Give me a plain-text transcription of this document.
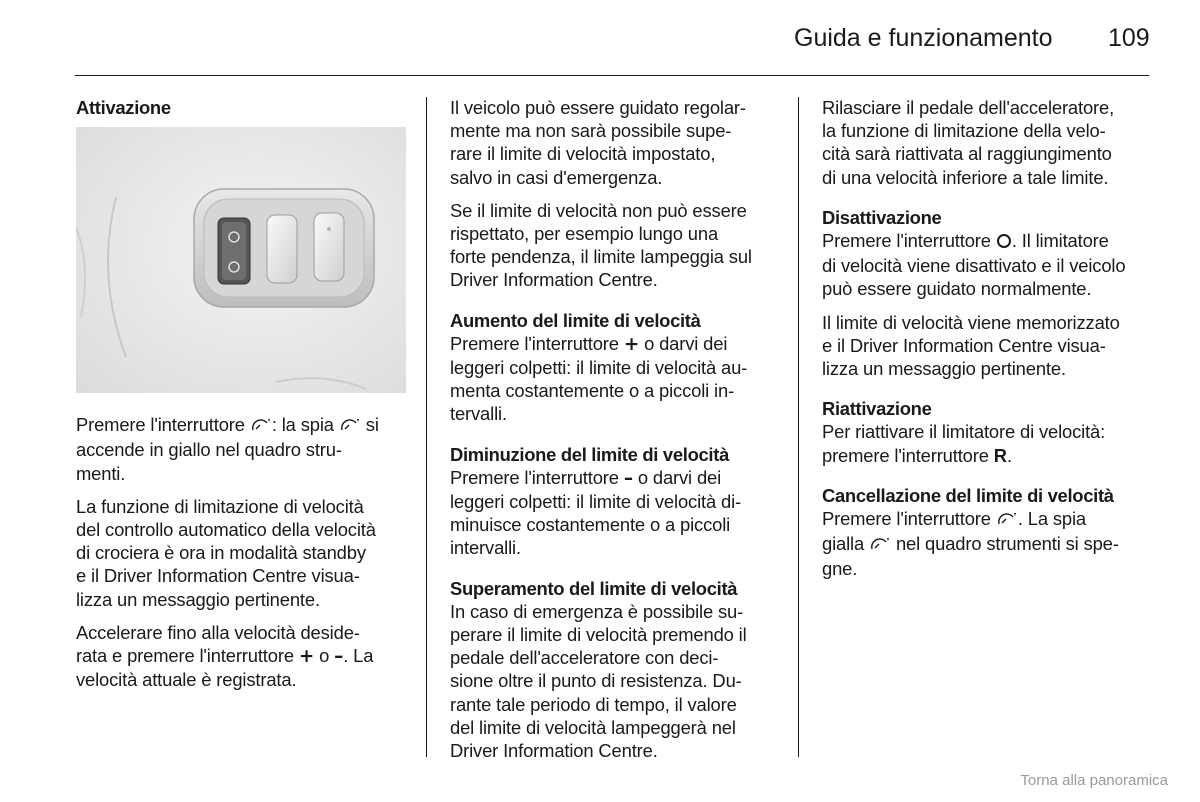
Guida e funzionamento 109
Attivazione

Premere l'interruttore : la spia si
accende in giallo nel quadro stru-
menti.

La funzione di limitazione di velocità
del controllo automatico della velocità
di crociera è ora in modalità standby
e il Driver Information Centre visua-
lizza un messaggio pertinente.

Accelerare fino alla velocità deside-
rata e premere l'interruttore + o –. La
velocità attuale è registrata.

Il veicolo può essere guidato regolar-
mente ma non sarà possibile supe-
rare il limite di velocità impostato,
salvo in casi d'emergenza.

Se il limite di velocità non può essere
rispettato, per esempio lungo una
forte pendenza, il limite lampeggia sul
Driver Information Centre.

Aumento del limite di velocità

Premere l'interruttore + o darvi dei
leggeri colpetti: il limite di velocità au-
menta costantemente o a piccoli in-
tervalli.

Diminuzione del limite di velocità

Premere l'interruttore – o darvi dei
leggeri colpetti: il limite di velocità di-
minuisce costantemente o a piccoli
intervalli.

Superamento del limite di velocità

In caso di emergenza è possibile su-
perare il limite di velocità premendo il
pedale dell'acceleratore con deci-
sione oltre il punto di resistenza. Du-
rante tale periodo di tempo, il valore
del limite di velocità lampeggerà nel
Driver Information Centre.

Rilasciare il pedale dell'acceleratore,
la funzione di limitazione della velo-
cità sarà riattivata al raggiungimento
di una velocità inferiore a tale limite.

Disattivazione

Premere l'interruttore . Il limitatore
di velocità viene disattivato e il veicolo
può essere guidato normalmente.

Il limite di velocità viene memorizzato
e il Driver Information Centre visua-
lizza un messaggio pertinente.

Riattivazione

Per riattivare il limitatore di velocità:
premere l'interruttore R.

Cancellazione del limite di velocità

Premere l'interruttore . La spia
gialla nel quadro strumenti si spe-
gne.

Torna alla panoramica
